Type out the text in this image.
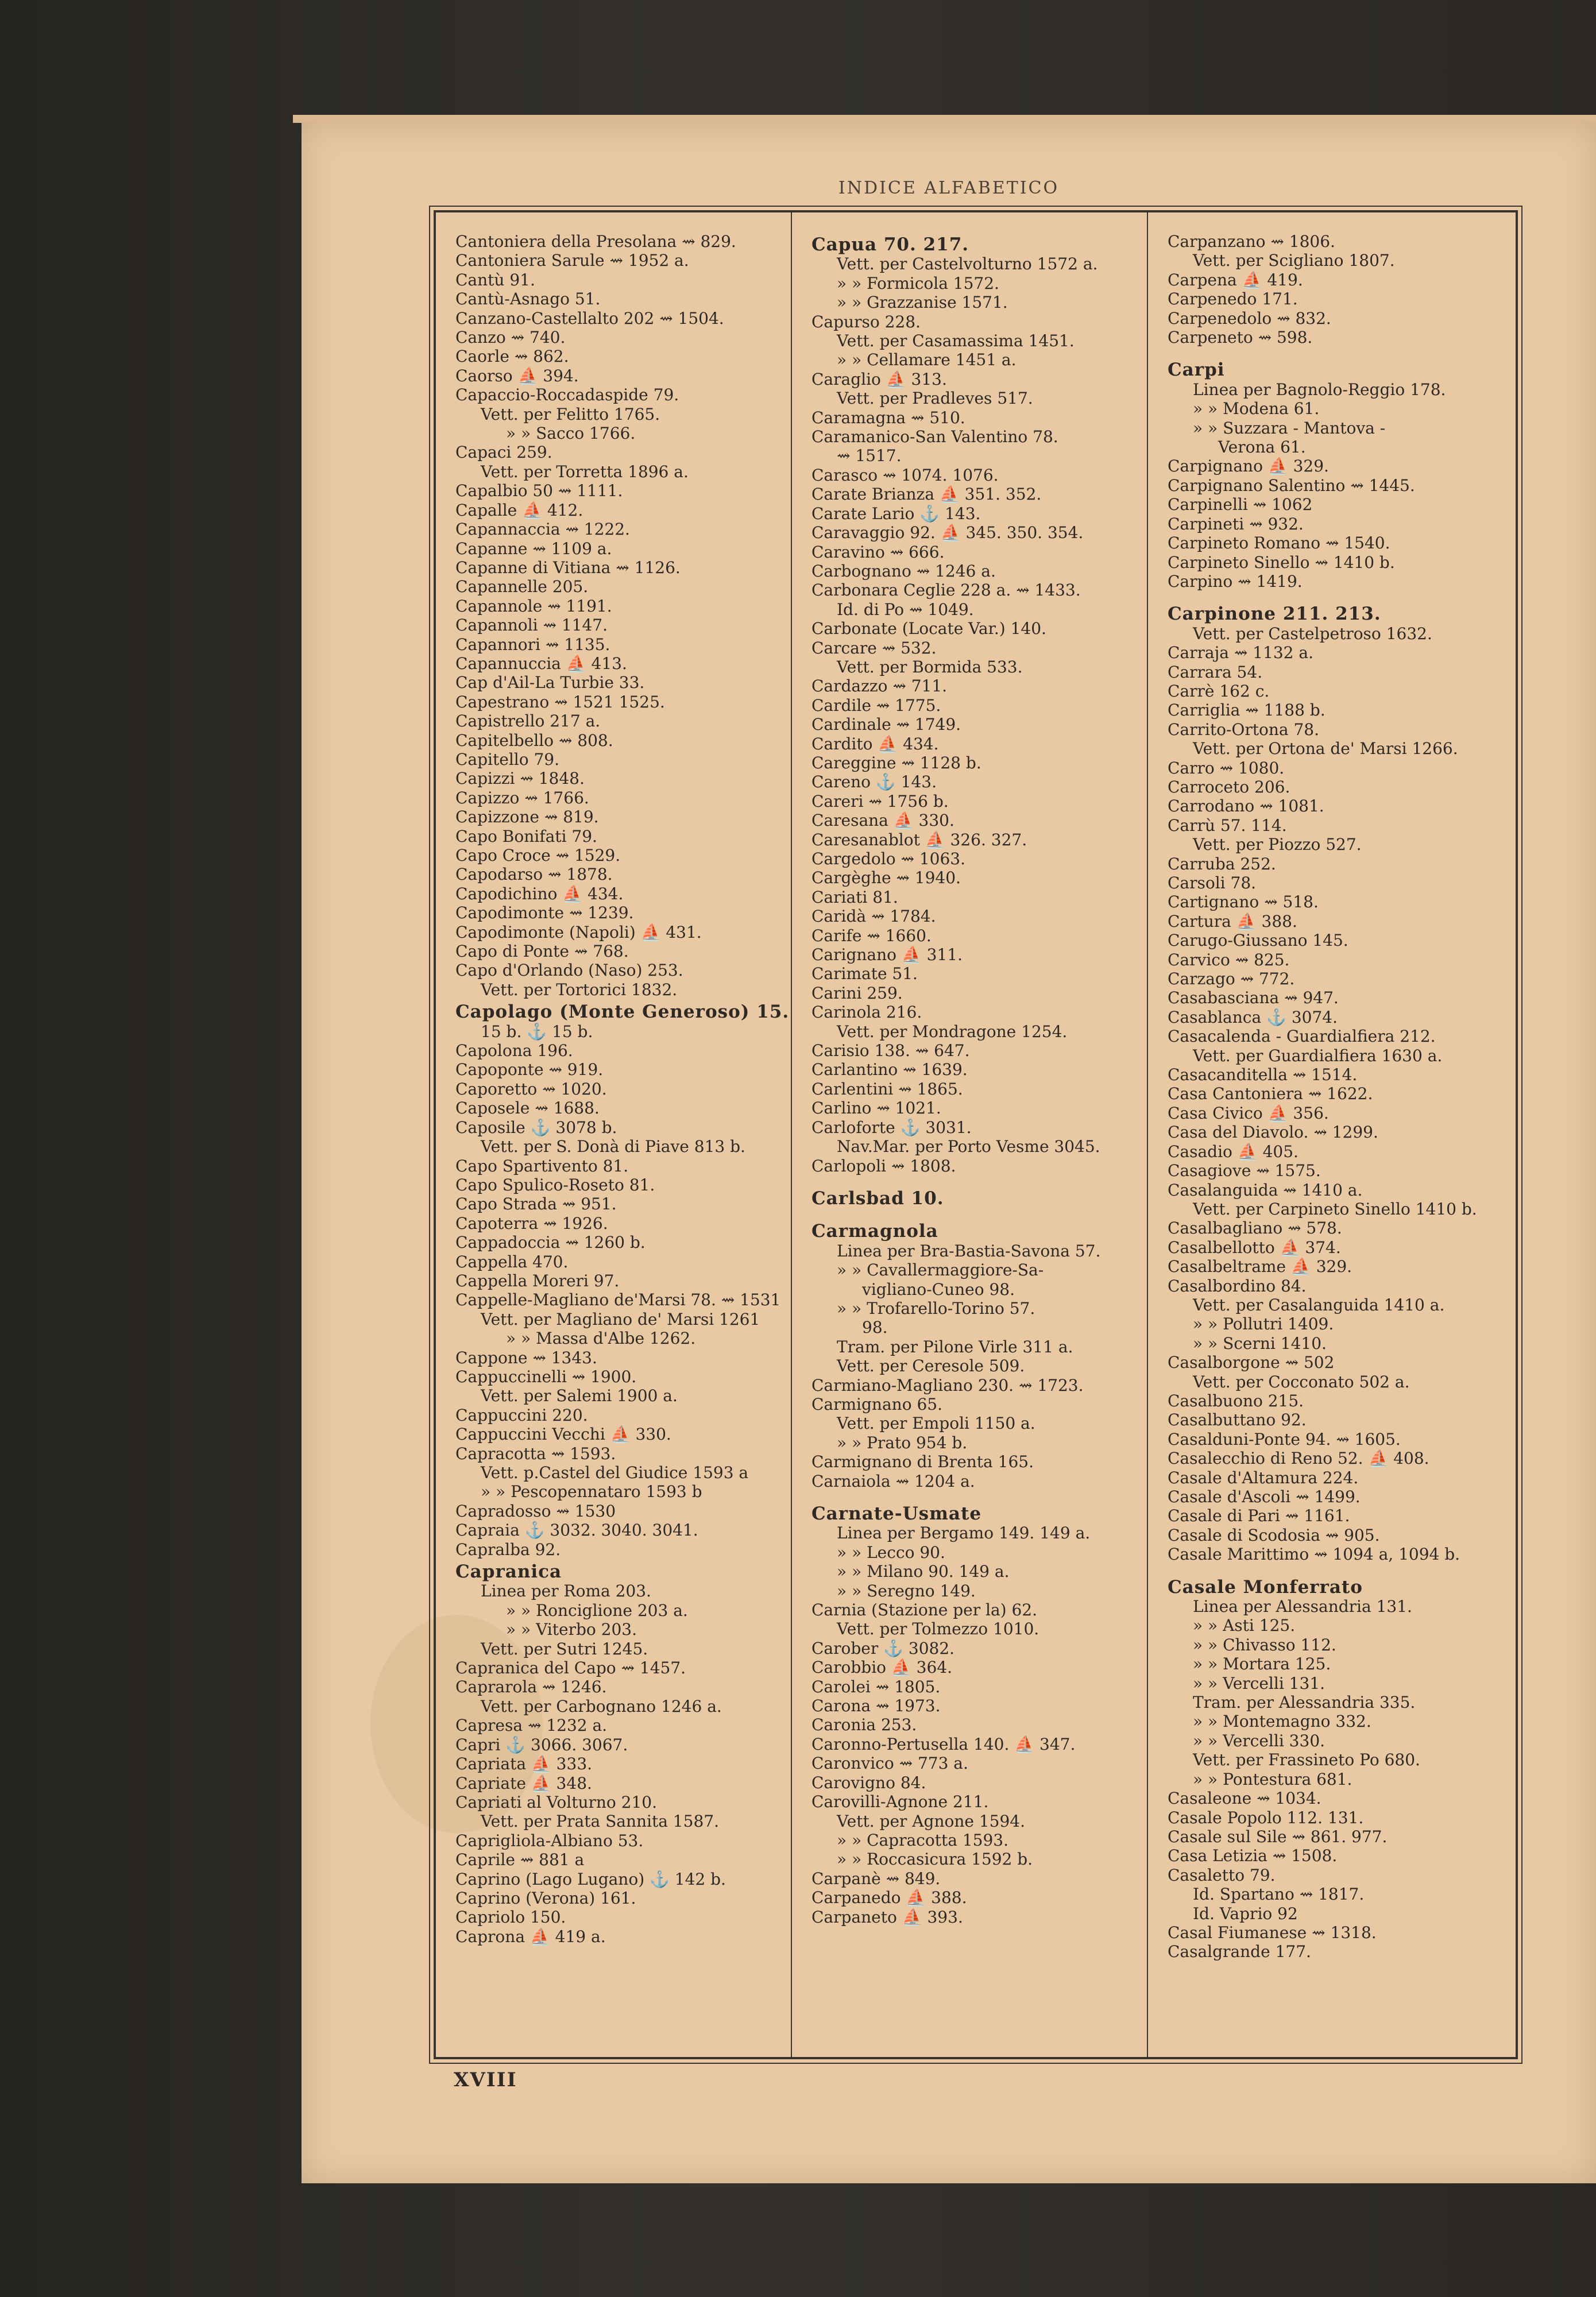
INDICE ALFABETICO
Cantoniera della Presolana ⇝ 829.
Cantoniera Sarule ⇝ 1952 a.
Cantù 91.
Cantù-Asnago 51.
Canzano-Castellalto 202 ⇝ 1504.
Canzo ⇝ 740.
Caorle ⇝ 862.
Caorso ⛵ 394.
Capaccio-Roccadaspide 79.
Vett. per Felitto 1765.
» » Sacco 1766.
Capaci 259.
Vett. per Torretta 1896 a.
Capalbio 50 ⇝ 1111.
Capalle ⛵ 412.
Capannaccia ⇝ 1222.
Capanne ⇝ 1109 a.
Capanne di Vitiana ⇝ 1126.
Capannelle 205.
Capannole ⇝ 1191.
Capannoli ⇝ 1147.
Capannori ⇝ 1135.
Capannuccia ⛵ 413.
Cap d'Ail-La Turbie 33.
Capestrano ⇝ 1521 1525.
Capistrello 217 a.
Capitelbello ⇝ 808.
Capitello 79.
Capizzi ⇝ 1848.
Capizzo ⇝ 1766.
Capizzone ⇝ 819.
Capo Bonifati 79.
Capo Croce ⇝ 1529.
Capodarso ⇝ 1878.
Capodichino ⛵ 434.
Capodimonte ⇝ 1239.
Capodimonte (Napoli) ⛵ 431.
Capo di Ponte ⇝ 768.
Capo d'Orlando (Naso) 253.
Vett. per Tortorici 1832.
Capolago (Monte Generoso) 15.
15 b. ⚓ 15 b.
Capolona 196.
Capoponte ⇝ 919.
Caporetto ⇝ 1020.
Caposele ⇝ 1688.
Caposile ⚓ 3078 b.
Vett. per S. Donà di Piave 813 b.
Capo Spartivento 81.
Capo Spulico-Roseto 81.
Capo Strada ⇝ 951.
Capoterra ⇝ 1926.
Cappadoccia ⇝ 1260 b.
Cappella 470.
Cappella Moreri 97.
Cappelle-Magliano de'Marsi 78. ⇝ 1531
Vett. per Magliano de' Marsi 1261
» » Massa d'Albe 1262.
Cappone ⇝ 1343.
Cappuccinelli ⇝ 1900.
Vett. per Salemi 1900 a.
Cappuccini 220.
Cappuccini Vecchi ⛵ 330.
Capracotta ⇝ 1593.
Vett. p.Castel del Giudice 1593 a
» » Pescopennataro 1593 b
Capradosso ⇝ 1530
Capraia ⚓ 3032. 3040. 3041.
Capralba 92.
Capranica
Linea per Roma 203.
» » Ronciglione 203 a.
» » Viterbo 203.
Vett. per Sutri 1245.
Capranica del Capo ⇝ 1457.
Caprarola ⇝ 1246.
Vett. per Carbognano 1246 a.
Capresa ⇝ 1232 a.
Capri ⚓ 3066. 3067.
Capriata ⛵ 333.
Capriate ⛵ 348.
Capriati al Volturno 210.
Vett. per Prata Sannita 1587.
Caprigliola-Albiano 53.
Caprile ⇝ 881 a
Caprino (Lago Lugano) ⚓ 142 b.
Caprino (Verona) 161.
Capriolo 150.
Caprona ⛵ 419 a.
Capua 70. 217.
Vett. per Castelvolturno 1572 a.
» » Formicola 1572.
» » Grazzanise 1571.
Capurso 228.
Vett. per Casamassima 1451.
» » Cellamare 1451 a.
Caraglio ⛵ 313.
Vett. per Pradleves 517.
Caramagna ⇝ 510.
Caramanico-San Valentino 78.
⇝ 1517.
Carasco ⇝ 1074. 1076.
Carate Brianza ⛵ 351. 352.
Carate Lario ⚓ 143.
Caravaggio 92. ⛵ 345. 350. 354.
Caravino ⇝ 666.
Carbognano ⇝ 1246 a.
Carbonara Ceglie 228 a. ⇝ 1433.
Id. di Po ⇝ 1049.
Carbonate (Locate Var.) 140.
Carcare ⇝ 532.
Vett. per Bormida 533.
Cardazzo ⇝ 711.
Cardile ⇝ 1775.
Cardinale ⇝ 1749.
Cardito ⛵ 434.
Careggine ⇝ 1128 b.
Careno ⚓ 143.
Careri ⇝ 1756 b.
Caresana ⛵ 330.
Caresanablot ⛵ 326. 327.
Cargedolo ⇝ 1063.
Cargèghe ⇝ 1940.
Cariati 81.
Caridà ⇝ 1784.
Carife ⇝ 1660.
Carignano ⛵ 311.
Carimate 51.
Carini 259.
Carinola 216.
Vett. per Mondragone 1254.
Carisio 138. ⇝ 647.
Carlantino ⇝ 1639.
Carlentini ⇝ 1865.
Carlino ⇝ 1021.
Carloforte ⚓ 3031.
Nav.Mar. per Porto Vesme 3045.
Carlopoli ⇝ 1808.
Carlsbad 10.
Carmagnola
Linea per Bra-Bastia-Savona 57.
» » Cavallermaggiore-Sa-
vigliano-Cuneo 98.
» » Trofarello-Torino 57.
98.
Tram. per Pilone Virle 311 a.
Vett. per Ceresole 509.
Carmiano-Magliano 230. ⇝ 1723.
Carmignano 65.
Vett. per Empoli 1150 a.
» » Prato 954 b.
Carmignano di Brenta 165.
Carnaiola ⇝ 1204 a.
Carnate-Usmate
Linea per Bergamo 149. 149 a.
» » Lecco 90.
» » Milano 90. 149 a.
» » Seregno 149.
Carnia (Stazione per la) 62.
Vett. per Tolmezzo 1010.
Carober ⚓ 3082.
Carobbio ⛵ 364.
Carolei ⇝ 1805.
Carona ⇝ 1973.
Caronia 253.
Caronno-Pertusella 140. ⛵ 347.
Caronvico ⇝ 773 a.
Carovigno 84.
Carovilli-Agnone 211.
Vett. per Agnone 1594.
» » Capracotta 1593.
» » Roccasicura 1592 b.
Carpanè ⇝ 849.
Carpanedo ⛵ 388.
Carpaneto ⛵ 393.
Carpanzano ⇝ 1806.
Vett. per Scigliano 1807.
Carpena ⛵ 419.
Carpenedo 171.
Carpenedolo ⇝ 832.
Carpeneto ⇝ 598.
Carpi
Linea per Bagnolo-Reggio 178.
» » Modena 61.
» » Suzzara - Mantova -
Verona 61.
Carpignano ⛵ 329.
Carpignano Salentino ⇝ 1445.
Carpinelli ⇝ 1062
Carpineti ⇝ 932.
Carpineto Romano ⇝ 1540.
Carpineto Sinello ⇝ 1410 b.
Carpino ⇝ 1419.
Carpinone 211. 213.
Vett. per Castelpetroso 1632.
Carraja ⇝ 1132 a.
Carrara 54.
Carrè 162 c.
Carriglia ⇝ 1188 b.
Carrito-Ortona 78.
Vett. per Ortona de' Marsi 1266.
Carro ⇝ 1080.
Carroceto 206.
Carrodano ⇝ 1081.
Carrù 57. 114.
Vett. per Piozzo 527.
Carruba 252.
Carsoli 78.
Cartignano ⇝ 518.
Cartura ⛵ 388.
Carugo-Giussano 145.
Carvico ⇝ 825.
Carzago ⇝ 772.
Casabasciana ⇝ 947.
Casablanca ⚓ 3074.
Casacalenda - Guardialfiera 212.
Vett. per Guardialfiera 1630 a.
Casacanditella ⇝ 1514.
Casa Cantoniera ⇝ 1622.
Casa Civico ⛵ 356.
Casa del Diavolo. ⇝ 1299.
Casadio ⛵ 405.
Casagiove ⇝ 1575.
Casalanguida ⇝ 1410 a.
Vett. per Carpineto Sinello 1410 b.
Casalbagliano ⇝ 578.
Casalbellotto ⛵ 374.
Casalbeltrame ⛵ 329.
Casalbordino 84.
Vett. per Casalanguida 1410 a.
» » Pollutri 1409.
» » Scerni 1410.
Casalborgone ⇝ 502
Vett. per Cocconato 502 a.
Casalbuono 215.
Casalbuttano 92.
Casalduni-Ponte 94. ⇝ 1605.
Casalecchio di Reno 52. ⛵ 408.
Casale d'Altamura 224.
Casale d'Ascoli ⇝ 1499.
Casale di Pari ⇝ 1161.
Casale di Scodosia ⇝ 905.
Casale Marittimo ⇝ 1094 a, 1094 b.
Casale Monferrato
Linea per Alessandria 131.
» » Asti 125.
» » Chivasso 112.
» » Mortara 125.
» » Vercelli 131.
Tram. per Alessandria 335.
» » Montemagno 332.
» » Vercelli 330.
Vett. per Frassineto Po 680.
» » Pontestura 681.
Casaleone ⇝ 1034.
Casale Popolo 112. 131.
Casale sul Sile ⇝ 861. 977.
Casa Letizia ⇝ 1508.
Casaletto 79.
Id. Spartano ⇝ 1817.
Id. Vaprio 92
Casal Fiumanese ⇝ 1318.
Casalgrande 177.
XVIII
